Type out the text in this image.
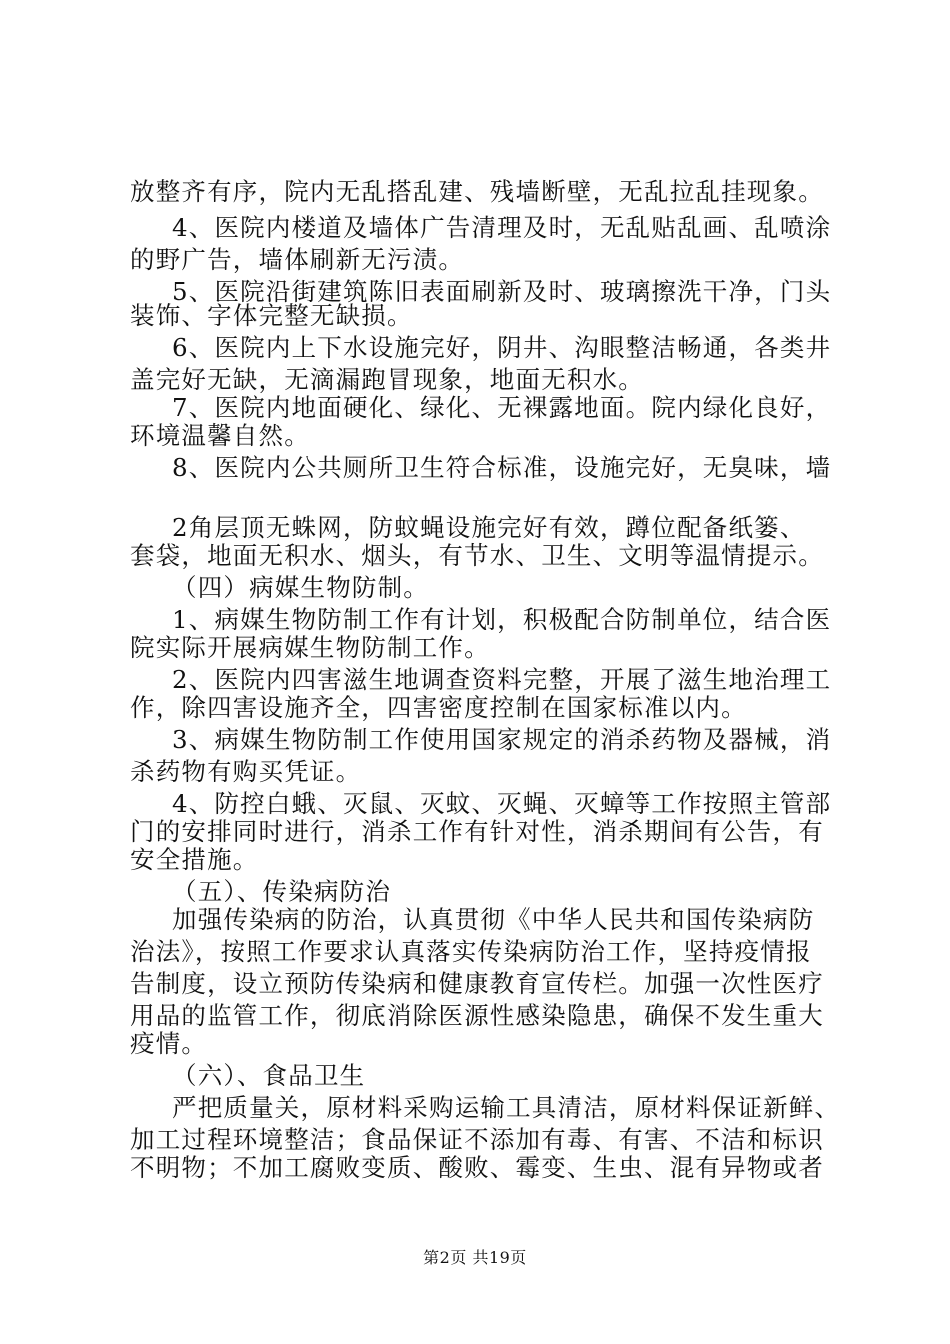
放整齐有序，院内无乱搭乱建、残墙断壁，无乱拉乱挂现象。
4、医院内楼道及墙体广告清理及时，无乱贴乱画、乱喷涂
的野广告，墙体刷新无污渍。
5、医院沿街建筑陈旧表面刷新及时、玻璃擦洗干净，门头
装饰、字体完整无缺损。
6、医院内上下水设施完好，阴井、沟眼整洁畅通，各类井
盖完好无缺，无滴漏跑冒现象，地面无积水。
7、医院内地面硬化、绿化、无裸露地面。院内绿化良好，
环境温馨自然。
8、医院内公共厕所卫生符合标准，设施完好，无臭味，墙
2角层顶无蛛网，防蚊蝇设施完好有效，蹲位配备纸篓、
套袋，地面无积水、烟头，有节水、卫生、文明等温情提示。
（四）病媒生物防制。
1、病媒生物防制工作有计划，积极配合防制单位，结合医
院实际开展病媒生物防制工作。
2、医院内四害滋生地调查资料完整，开展了滋生地治理工
作，除四害设施齐全，四害密度控制在国家标准以内。
3、病媒生物防制工作使用国家规定的消杀药物及器械，消
杀药物有购买凭证。
4、防控白蛾、灭鼠、灭蚊、灭蝇、灭蟑等工作按照主管部
门的安排同时进行，消杀工作有针对性，消杀期间有公告，有
安全措施。
（五）、传染病防治
加强传染病的防治，认真贯彻《中华人民共和国传染病防
治法》，按照工作要求认真落实传染病防治工作，坚持疫情报
告制度，设立预防传染病和健康教育宣传栏。加强一次性医疗
用品的监管工作，彻底消除医源性感染隐患，确保不发生重大
疫情。
（六）、食品卫生
严把质量关，原材料采购运输工具清洁，原材料保证新鲜、
加工过程环境整洁；食品保证不添加有毒、有害、不洁和标识
不明物；不加工腐败变质、酸败、霉变、生虫、混有异物或者
第2页 共19页
